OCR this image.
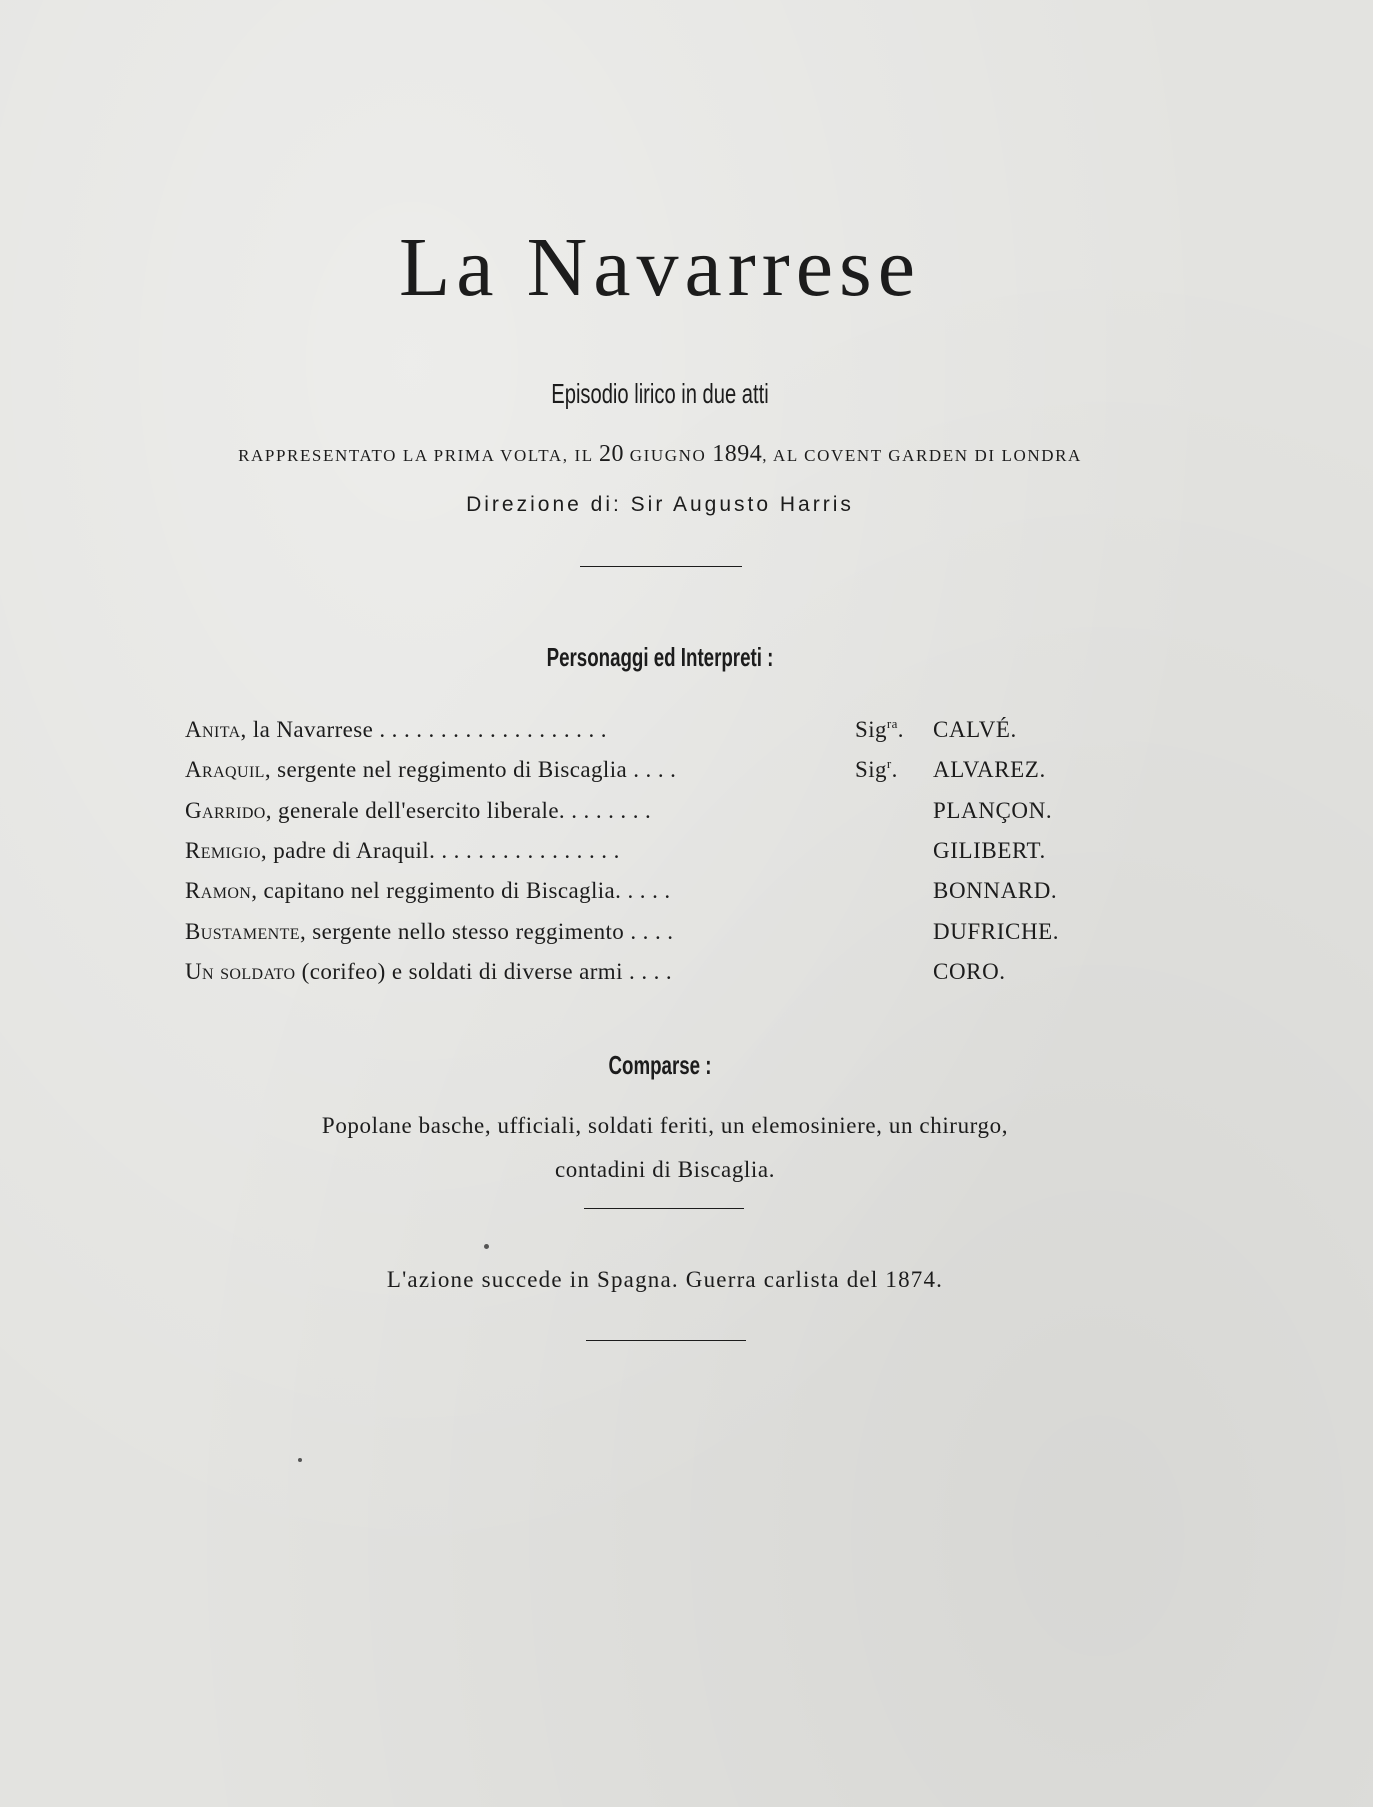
La Navarrese
Episodio lirico in due atti
RAPPRESENTATO LA PRIMA VOLTA, IL 20 GIUGNO 1894, AL COVENT GARDEN DI LONDRA
Direzione di: Sir Augusto Harris
Personaggi ed Interpreti :
Anita, la Navarrese . . . . . . . . . . . . . . . . . . .	Sig$^{ra}$. CALVÉ.
Araquil, sergente nel reggimento di Biscaglia . . . .	Sig$^r$. ALVAREZ.
Garrido, generale dell'esercito liberale. . . . . . . .	PLANÇON.
Remigio, padre di Araquil. . . . . . . . . . . . . . . .	GILIBERT.
Ramon, capitano nel reggimento di Biscaglia. . . . .	BONNARD.
Bustamente, sergente nello stesso reggimento . . . .	DUFRICHE.
Un soldato (corifeo) e soldati di diverse armi . . . .	CORO.
Comparse :
Popolane basche, ufficiali, soldati feriti, un elemosiniere, un chirurgo,
contadini di Biscaglia.
L'azione succede in Spagna. Guerra carlista del 1874.
